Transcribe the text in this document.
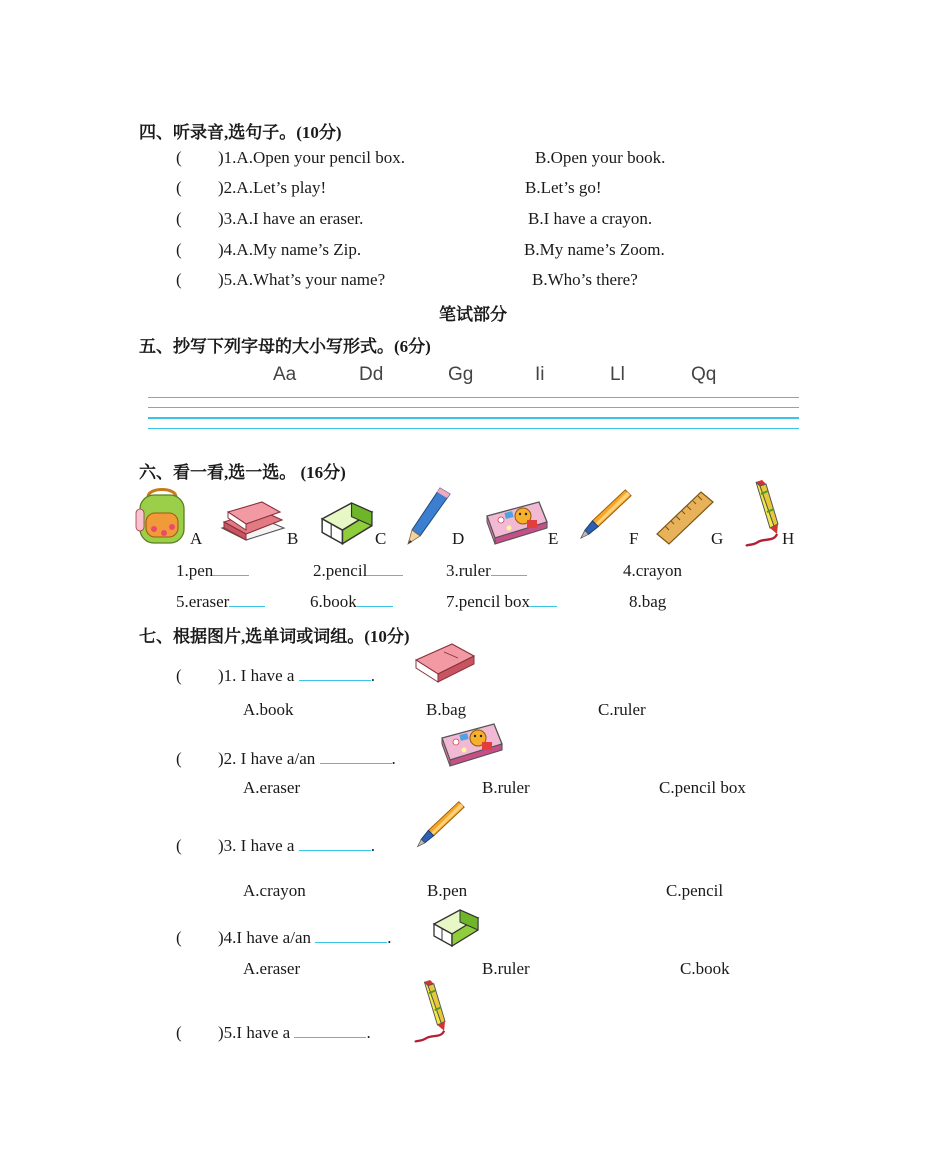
四、听录音,选句子。(10分)
( )1.A.Open your pencil box.	B.Open your book.
( )2.A.Let’s play!	B.Let’s go!
( )3.A.I have an eraser.	B.I have a crayon.
( )4.A.My name’s Zip.	B.My name’s Zoom.
( )5.A.What’s your name?	B.Who’s there?
笔试部分
五、抄写下列字母的大小写形式。(6分)
Aa	Dd	Gg	Ii	Ll	Qq
六、看一看,选一选。 (16分)
A	B	C	D	E	F	G	H
1.pen	2.pencil	3.ruler	4.crayon
5.eraser	6.book	7.pencil box	8.bag
七、根据图片,选单词或词组。(10分)
( )1. I have a	.
A.book	B.bag	C.ruler
( )2. I have a/an	.
A.eraser	B.ruler	C.pencil box
( )3. I have a	.
A.crayon	B.pen	C.pencil
( )4.I have a/an	.
A.eraser	B.ruler	C.book
( )5.I have a	.
